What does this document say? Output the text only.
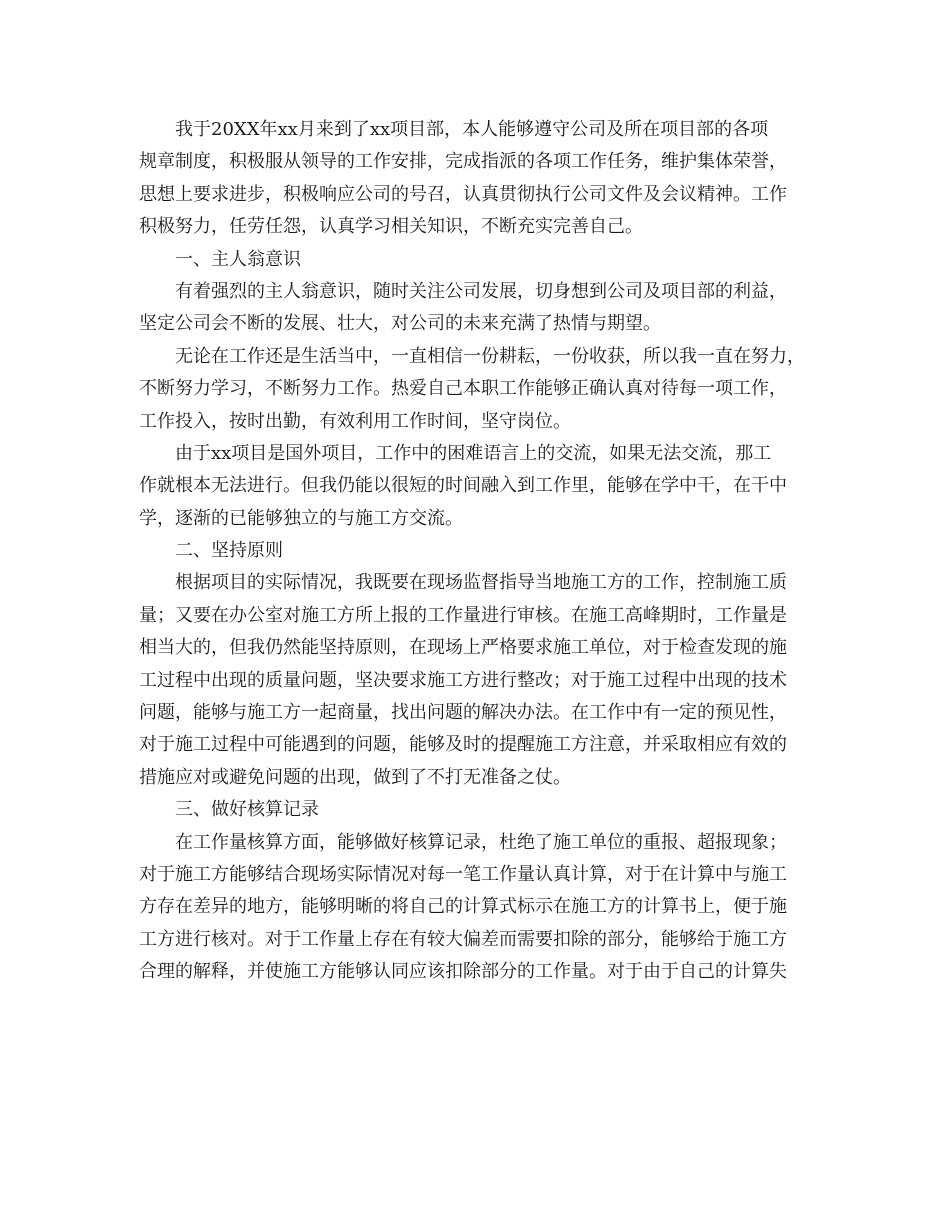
我于20XX年xx月来到了xx项目部，本人能够遵守公司及所在项目部的各项
规章制度，积极服从领导的工作安排，完成指派的各项工作任务，维护集体荣誉，
思想上要求进步，积极响应公司的号召，认真贯彻执行公司文件及会议精神。工作
积极努力，任劳任怨，认真学习相关知识，不断充实完善自己。
一、主人翁意识
有着强烈的主人翁意识，随时关注公司发展，切身想到公司及项目部的利益，
坚定公司会不断的发展、壮大，对公司的未来充满了热情与期望。
无论在工作还是生活当中，一直相信一份耕耘，一份收获，所以我一直在努力，
不断努力学习，不断努力工作。热爱自己本职工作能够正确认真对待每一项工作，
工作投入，按时出勤，有效利用工作时间，坚守岗位。
由于xx项目是国外项目，工作中的困难语言上的交流，如果无法交流，那工
作就根本无法进行。但我仍能以很短的时间融入到工作里，能够在学中干，在干中
学，逐渐的已能够独立的与施工方交流。
二、坚持原则
根据项目的实际情况，我既要在现场监督指导当地施工方的工作，控制施工质
量；又要在办公室对施工方所上报的工作量进行审核。在施工高峰期时，工作量是
相当大的，但我仍然能坚持原则，在现场上严格要求施工单位，对于检查发现的施
工过程中出现的质量问题，坚决要求施工方进行整改；对于施工过程中出现的技术
问题，能够与施工方一起商量，找出问题的解决办法。在工作中有一定的预见性，
对于施工过程中可能遇到的问题，能够及时的提醒施工方注意，并采取相应有效的
措施应对或避免问题的出现，做到了不打无准备之仗。
三、做好核算记录
在工作量核算方面，能够做好核算记录，杜绝了施工单位的重报、超报现象；
对于施工方能够结合现场实际情况对每一笔工作量认真计算，对于在计算中与施工
方存在差异的地方，能够明晰的将自己的计算式标示在施工方的计算书上，便于施
工方进行核对。对于工作量上存在有较大偏差而需要扣除的部分，能够给于施工方
合理的解释，并使施工方能够认同应该扣除部分的工作量。对于由于自己的计算失
